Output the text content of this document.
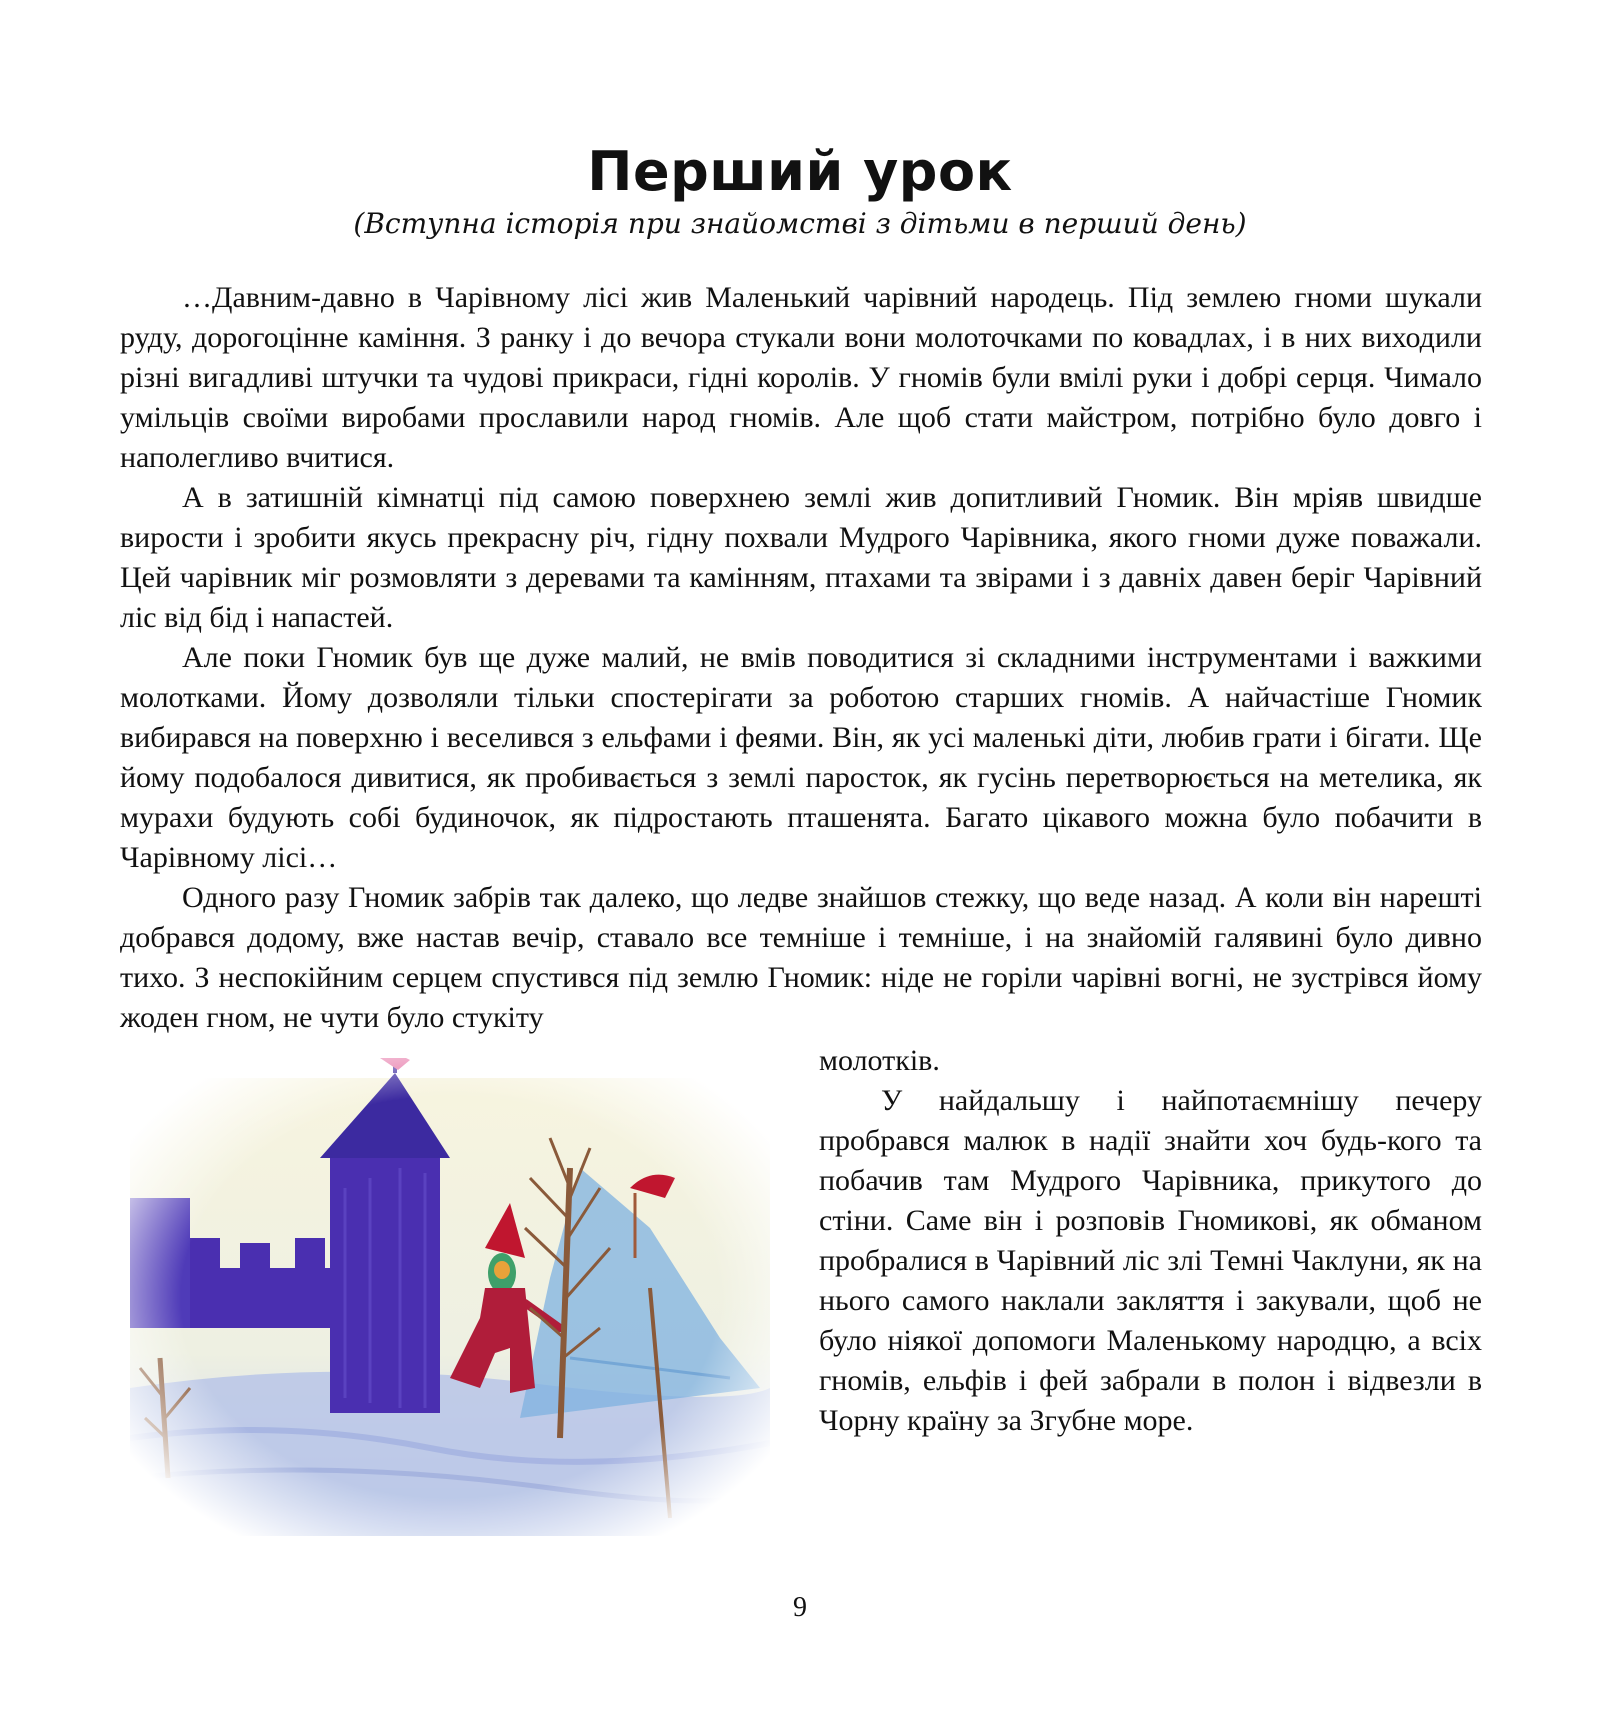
Перший урок
(Вступна історія при знайомстві з дітьми в перший день)

…Давним-давно в Чарівному лісі жив Маленький чарівний народець. Під землею гноми шукали руду, дорогоцінне каміння. З ранку і до вечора стукали вони молоточками по ковадлах, і в них виходили різні вигадливі штучки та чудові прикраси, гідні королів. У гномів були вмілі руки і добрі серця. Чимало умільців своїми виробами прославили народ гномів. Але щоб стати майстром, потрібно було довго і наполегливо вчитися.

А в затишній кімнатці під самою поверхнею землі жив допитливий Гномик. Він мріяв швидше вирости і зробити якусь прекрасну річ, гідну похвали Мудрого Чарівника, якого гноми дуже поважали. Цей чарівник міг розмовляти з деревами та камінням, птахами та звірами і з давніх давен беріг Чарівний ліс від бід і напастей.

Але поки Гномик був ще дуже малий, не вмів поводитися зі складними інструментами і важкими молотками. Йому дозволяли тільки спостерігати за роботою старших гномів. А найчастіше Гномик вибирався на поверхню і веселився з ельфами і феями. Він, як усі маленькі діти, любив грати і бігати. Ще йому подобалося дивитися, як пробивається з землі паросток, як гусінь перетворюється на метелика, як мурахи будують собі будиночок, як підростають пташенята. Багато цікавого можна було побачити в Чарівному лісі…

Одного разу Гномик забрів так далеко, що ледве знайшов стежку, що веде назад. А коли він нарешті добрався додому, вже настав вечір, ставало все темніше і темніше, і на знайомій галявині було дивно тихо. З неспокійним серцем спустився під землю Гномик: ніде не горіли чарівні вогні, не зустрівся йому жоден гном, не чути було стукіту

молотків.

У найдальшу і найпотаємнішу печеру пробрався малюк в надії знайти хоч будь-кого та побачив там Мудрого Чарівника, прикутого до стіни. Саме він і розповів Гномикові, як обманом пробралися в Чарівний ліс злі Темні Чаклуни, як на нього самого наклали закляття і закували, щоб не було ніякої допомоги Маленькому народцю, а всіх гномів, ельфів і фей забрали в полон і відвезли в Чорну країну за Згубне море.

9
